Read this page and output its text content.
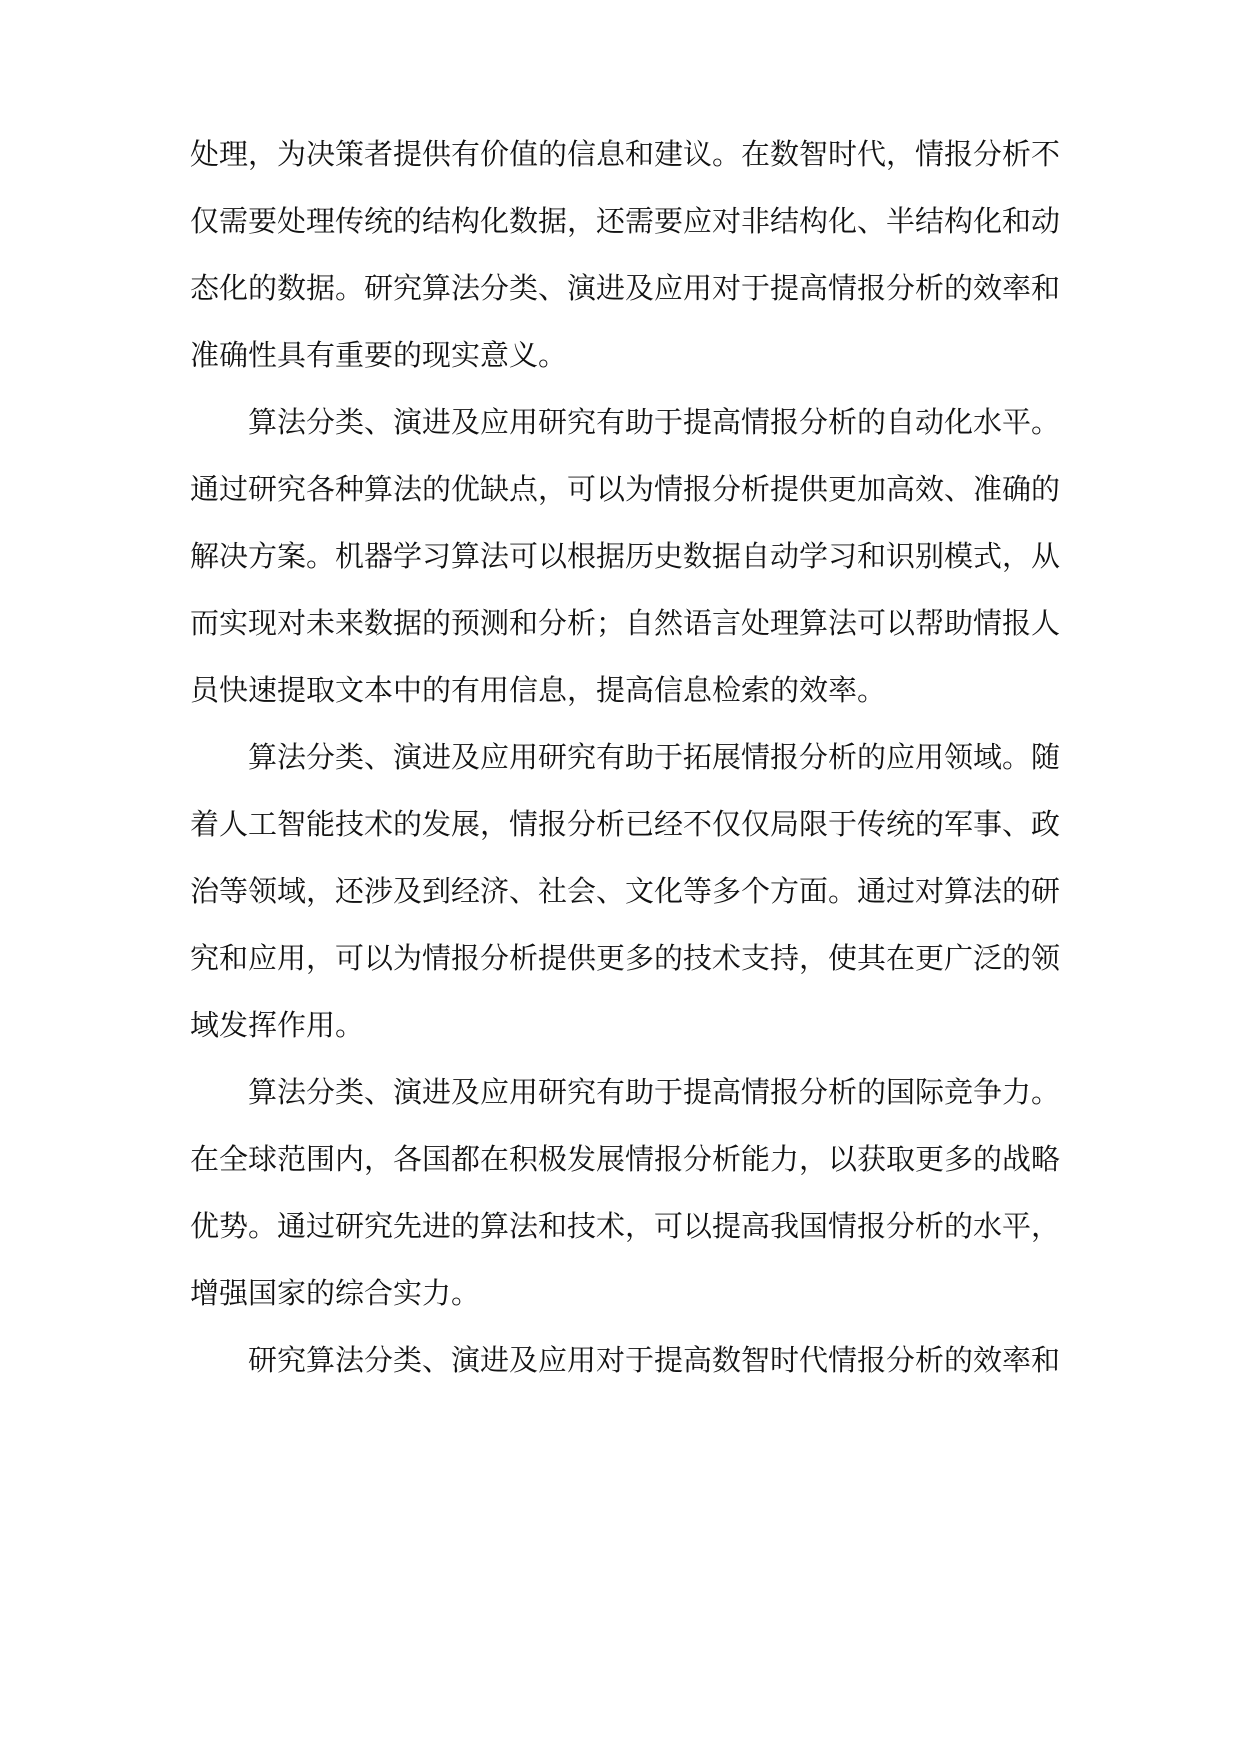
处理，为决策者提供有价值的信息和建议。在数智时代，情报分析不
仅需要处理传统的结构化数据，还需要应对非结构化、半结构化和动
态化的数据。研究算法分类、演进及应用对于提高情报分析的效率和
准确性具有重要的现实意义。
算法分类、演进及应用研究有助于提高情报分析的自动化水平。
通过研究各种算法的优缺点，可以为情报分析提供更加高效、准确的
解决方案。机器学习算法可以根据历史数据自动学习和识别模式，从
而实现对未来数据的预测和分析；自然语言处理算法可以帮助情报人
员快速提取文本中的有用信息，提高信息检索的效率。
算法分类、演进及应用研究有助于拓展情报分析的应用领域。随
着人工智能技术的发展，情报分析已经不仅仅局限于传统的军事、政
治等领域，还涉及到经济、社会、文化等多个方面。通过对算法的研
究和应用，可以为情报分析提供更多的技术支持，使其在更广泛的领
域发挥作用。
算法分类、演进及应用研究有助于提高情报分析的国际竞争力。
在全球范围内，各国都在积极发展情报分析能力，以获取更多的战略
优势。通过研究先进的算法和技术，可以提高我国情报分析的水平，
增强国家的综合实力。
研究算法分类、演进及应用对于提高数智时代情报分析的效率和
